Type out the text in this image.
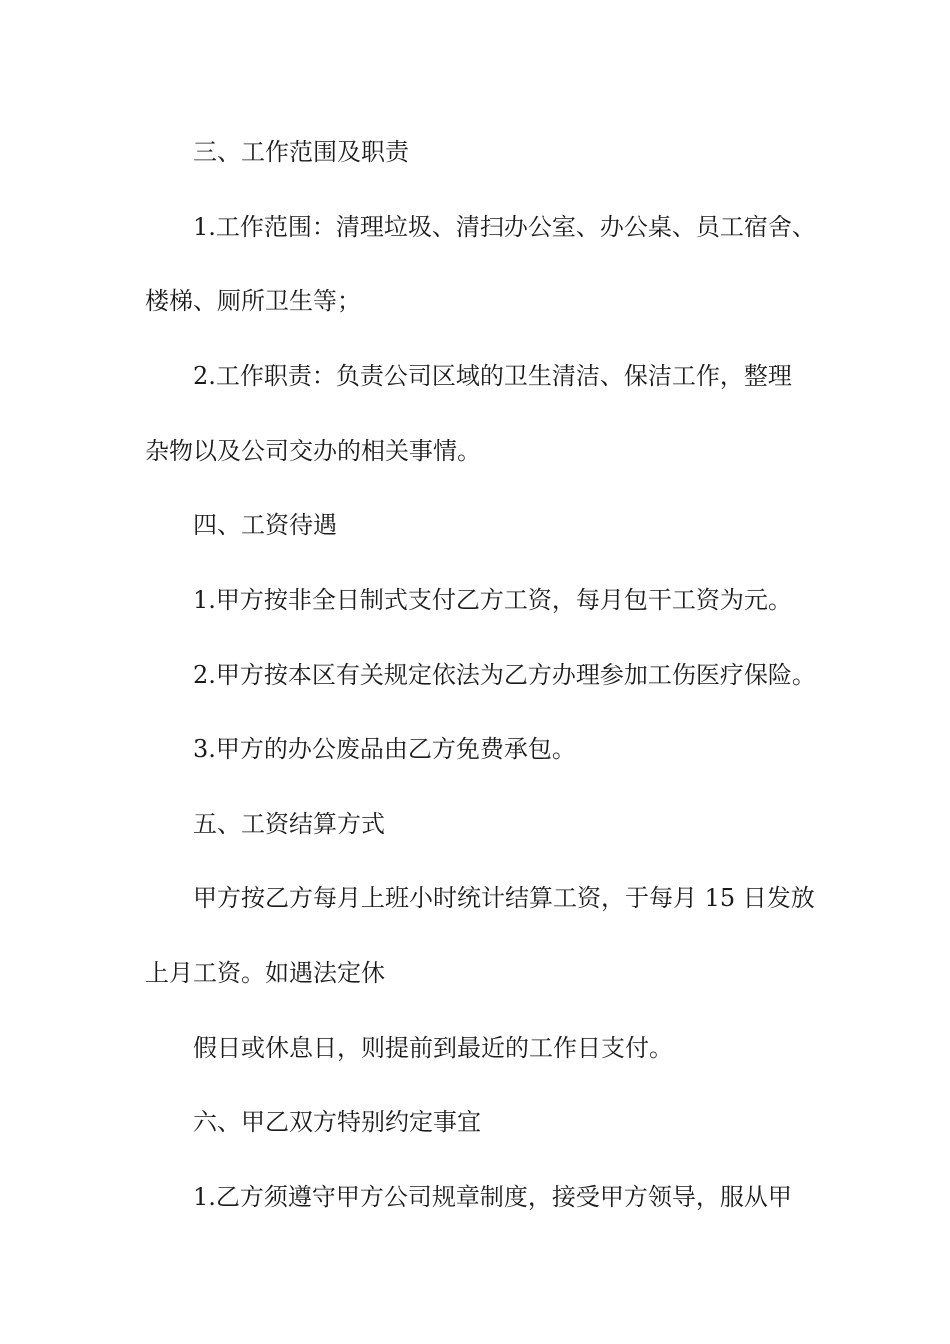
三、工作范围及职责
1.工作范围：清理垃圾、清扫办公室、办公桌、员工宿舍、
楼梯、厕所卫生等；
2.工作职责：负责公司区域的卫生清洁、保洁工作，整理
杂物以及公司交办的相关事情。
四、工资待遇
1.甲方按非全日制式支付乙方工资，每月包干工资为元。
2.甲方按本区有关规定依法为乙方办理参加工伤医疗保险。
3.甲方的办公废品由乙方免费承包。
五、工资结算方式
甲方按乙方每月上班小时统计结算工资，于每月 15 日发放
上月工资。如遇法定休
假日或休息日，则提前到最近的工作日支付。
六、甲乙双方特别约定事宜
1.乙方须遵守甲方公司规章制度，接受甲方领导，服从甲
